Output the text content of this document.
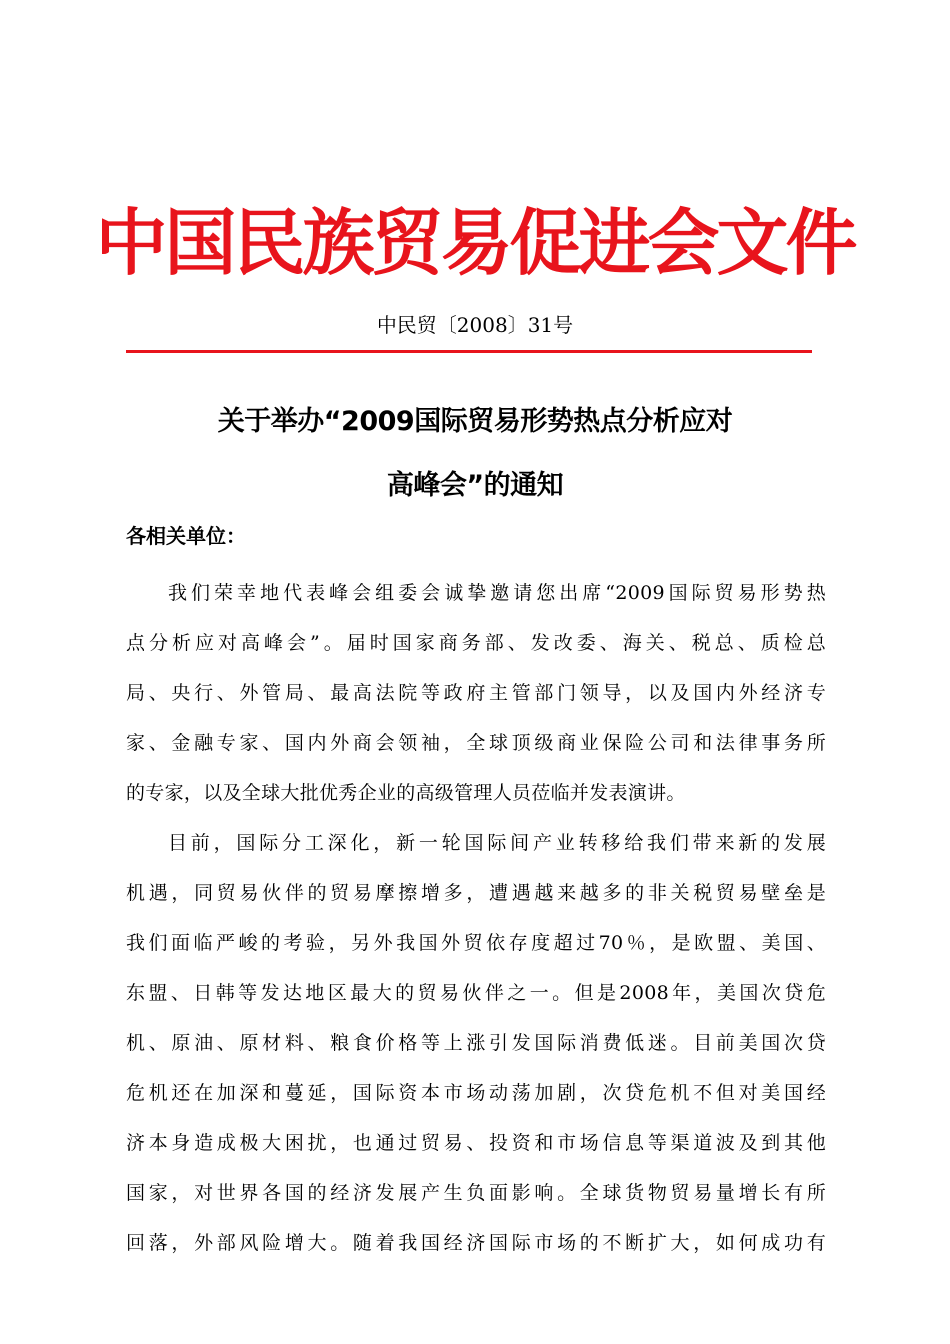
中国民族贸易促进会文件
中民贸〔2008〕31号
关于举办“2009国际贸易形势热点分析应对
高峰会”的通知
各相关单位：
我们荣幸地代表峰会组委会诚挚邀请您出席“2009国际贸易形势热
点分析应对高峰会”。届时国家商务部、发改委、海关、税总、质检总
局、央行、外管局、最高法院等政府主管部门领导，以及国内外经济专
家、金融专家、国内外商会领袖，全球顶级商业保险公司和法律事务所
的专家，以及全球大批优秀企业的高级管理人员莅临并发表演讲。
目前，国际分工深化，新一轮国际间产业转移给我们带来新的发展
机遇，同贸易伙伴的贸易摩擦增多，遭遇越来越多的非关税贸易壁垒是
我们面临严峻的考验，另外我国外贸依存度超过70％，是欧盟、美国、
东盟、日韩等发达地区最大的贸易伙伴之一。但是2008年，美国次贷危
机、原油、原材料、粮食价格等上涨引发国际消费低迷。目前美国次贷
危机还在加深和蔓延，国际资本市场动荡加剧，次贷危机不但对美国经
济本身造成极大困扰，也通过贸易、投资和市场信息等渠道波及到其他
国家，对世界各国的经济发展产生负面影响。全球货物贸易量增长有所
回落，外部风险增大。随着我国经济国际市场的不断扩大，如何成功有
